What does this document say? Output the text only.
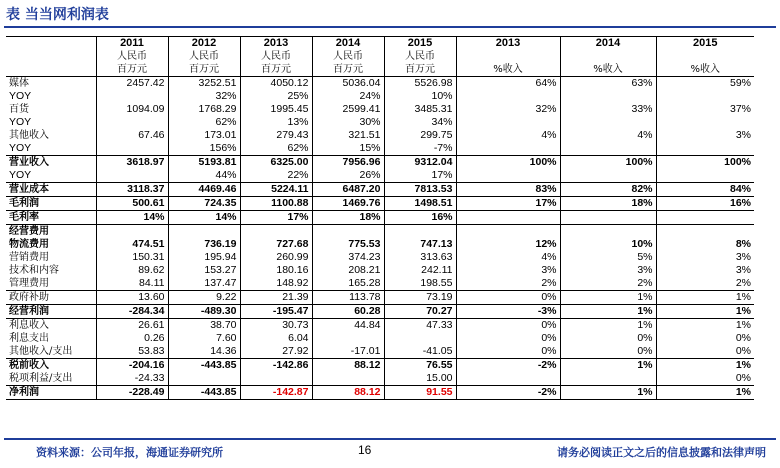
表 当当网利润表
	2011	2012	2013	2014	2015	2013	2014	2015
	人民币	人民币	人民币	人民币	人民币			
	百万元	百万元	百万元	百万元	百万元	%收入	%收入	%收入
媒体	2457.42	3252.51	4050.12	5036.04	5526.98	64%	63%	59%
YOY		32%	25%	24%	10%			
百货	1094.09	1768.29	1995.45	2599.41	3485.31	32%	33%	37%
YOY		62%	13%	30%	34%			
其他收入	67.46	173.01	279.43	321.51	299.75	4%	4%	3%
YOY		156%	62%	15%	-7%			
营业收入	3618.97	5193.81	6325.00	7956.96	9312.04	100%	100%	100%
YOY		44%	22%	26%	17%			
营业成本	3118.37	4469.46	5224.11	6487.20	7813.53	83%	82%	84%
毛利润	500.61	724.35	1100.88	1469.76	1498.51	17%	18%	16%
毛利率	14%	14%	17%	18%	16%			
经营费用								
物流费用	474.51	736.19	727.68	775.53	747.13	12%	10%	8%
营销费用	150.31	195.94	260.99	374.23	313.63	4%	5%	3%
技术和内容	89.62	153.27	180.16	208.21	242.11	3%	3%	3%
管理费用	84.11	137.47	148.92	165.28	198.55	2%	2%	2%
政府补助	13.60	9.22	21.39	113.78	73.19	0%	1%	1%
经营利润	-284.34	-489.30	-195.47	60.28	70.27	-3%	1%	1%
利息收入	26.61	38.70	30.73	44.84	47.33	0%	1%	1%
利息支出	0.26	7.60	6.04			0%	0%	0%
其他收入/支出	53.83	14.36	27.92	-17.01	-41.05	0%	0%	0%
税前收入	-204.16	-443.85	-142.86	88.12	76.55	-2%	1%	1%
税项利益/支出	-24.33				15.00			0%
净利润	-228.49	-443.85	-142.87	88.12	91.55	-2%	1%	1%
资料来源：公司年报，海通证券研究所	16	请务必阅读正文之后的信息披露和法律声明
